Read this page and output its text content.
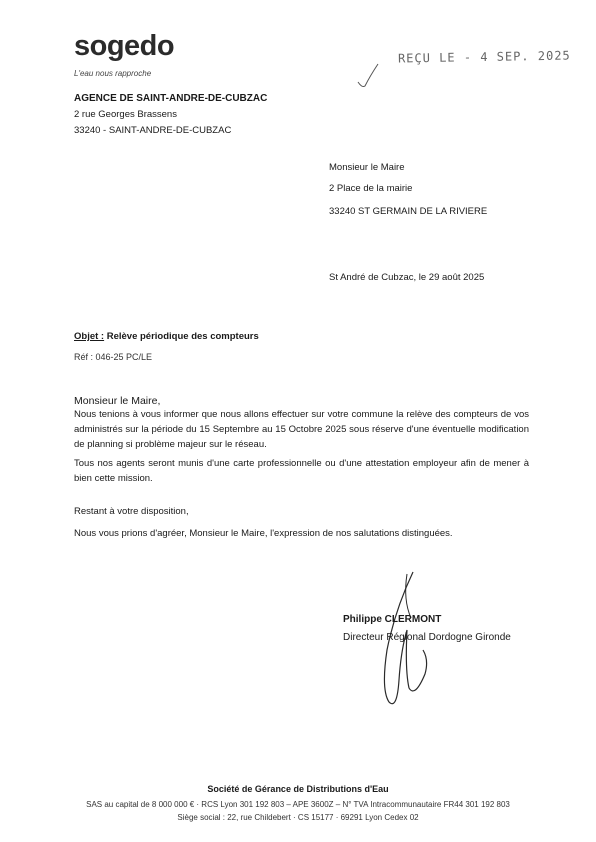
sogedo
L'eau nous rapproche
REÇU LE - 4 SEP. 2025
AGENCE DE SAINT-ANDRE-DE-CUBZAC
2 rue Georges Brassens
33240 - SAINT-ANDRE-DE-CUBZAC
Monsieur le Maire
2 Place de la mairie
33240 ST GERMAIN DE LA RIVIERE
St André de Cubzac, le 29 août 2025
Objet : Relève périodique des compteurs
Réf : 046-25 PC/LE
Monsieur le Maire,

Nous tenions à vous informer que nous allons effectuer sur votre commune la relève des compteurs de vos administrés sur la période du 15 Septembre au 15 Octobre 2025 sous réserve d'une éventuelle modification de planning si problème majeur sur le réseau.

Tous nos agents seront munis d'une carte professionnelle ou d'une attestation employeur afin de mener à bien cette mission.

Restant à votre disposition,

Nous vous prions d'agréer, Monsieur le Maire, l'expression de nos salutations distinguées.

Philippe CLERMONT
Directeur Régional Dordogne Gironde
Société de Gérance de Distributions d'Eau
SAS au capital de 8 000 000 € · RCS Lyon 301 192 803 – APE 3600Z – N° TVA Intracommunautaire FR44 301 192 803
Siège social : 22, rue Childebert · CS 15177 · 69291 Lyon Cedex 02
